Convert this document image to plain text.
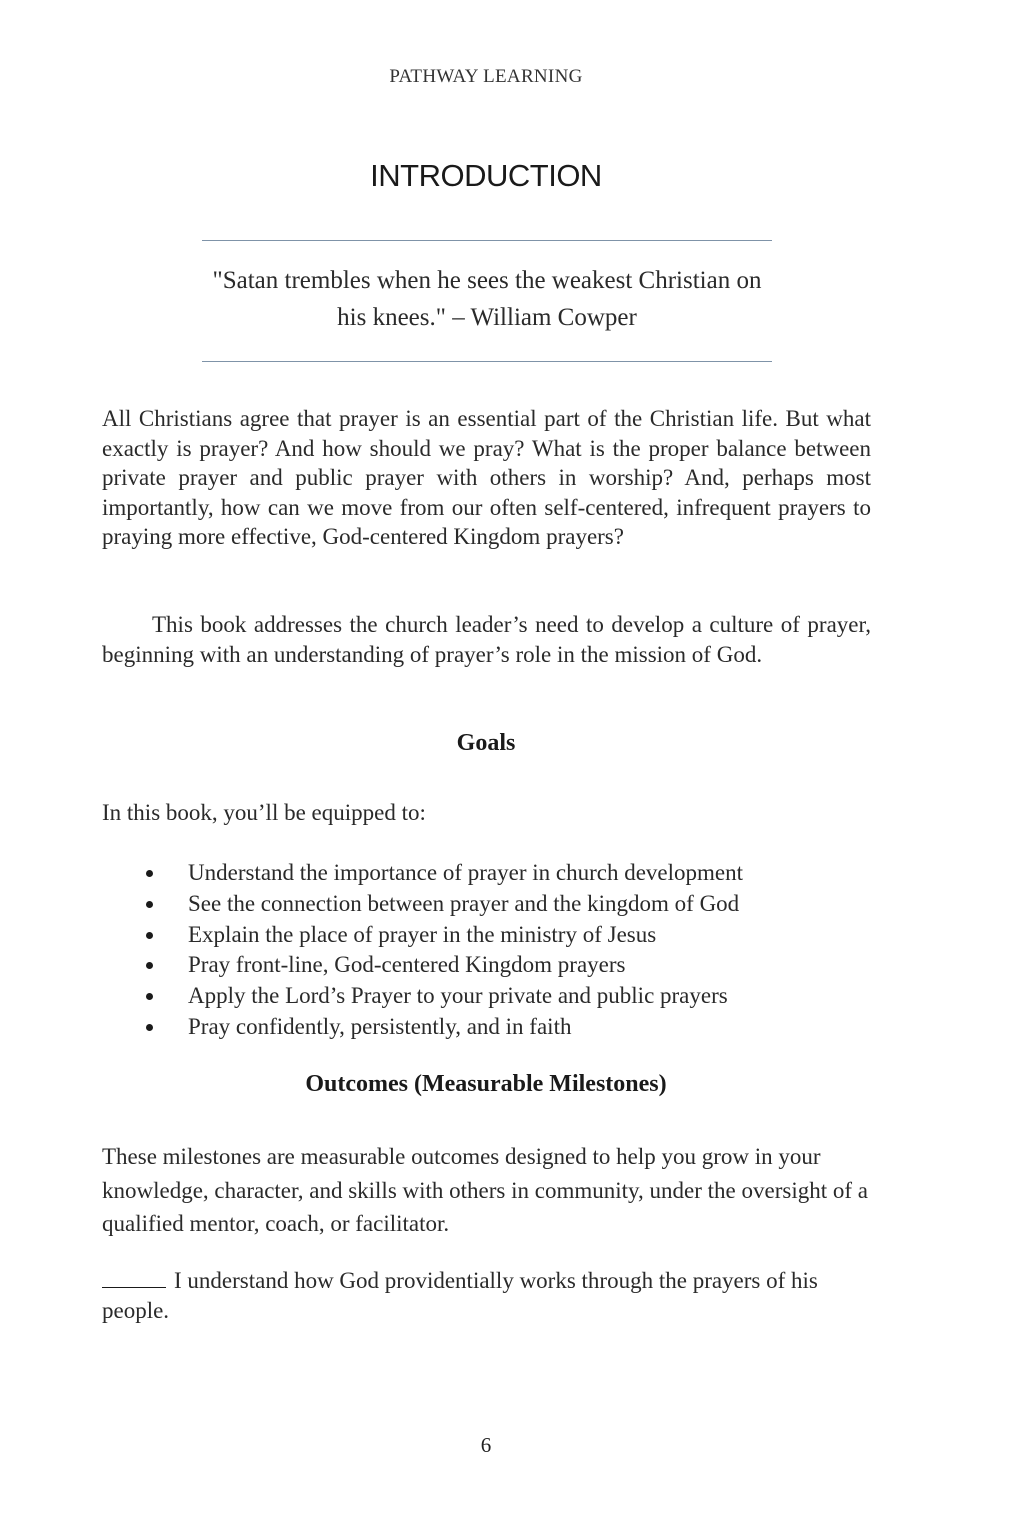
PATHWAY LEARNING
INTRODUCTION
"Satan trembles when he sees the weakest Christian on his knees." – William Cowper
All Christians agree that prayer is an essential part of the Christian life. But what exactly is prayer? And how should we pray? What is the proper balance between private prayer and public prayer with others in worship? And, perhaps most importantly, how can we move from our often self-centered, infrequent prayers to praying more effective, God-centered Kingdom prayers?
This book addresses the church leader’s need to develop a culture of prayer, beginning with an understanding of prayer’s role in the mission of God.
Goals
In this book, you’ll be equipped to:
Understand the importance of prayer in church development
See the connection between prayer and the kingdom of God
Explain the place of prayer in the ministry of Jesus
Pray front-line, God-centered Kingdom prayers
Apply the Lord’s Prayer to your private and public prayers
Pray confidently, persistently, and in faith
Outcomes (Measurable Milestones)
These milestones are measurable outcomes designed to help you grow in your knowledge, character, and skills with others in community, under the oversight of a qualified mentor, coach, or facilitator.
I understand how God providentially works through the prayers of his people.
6
